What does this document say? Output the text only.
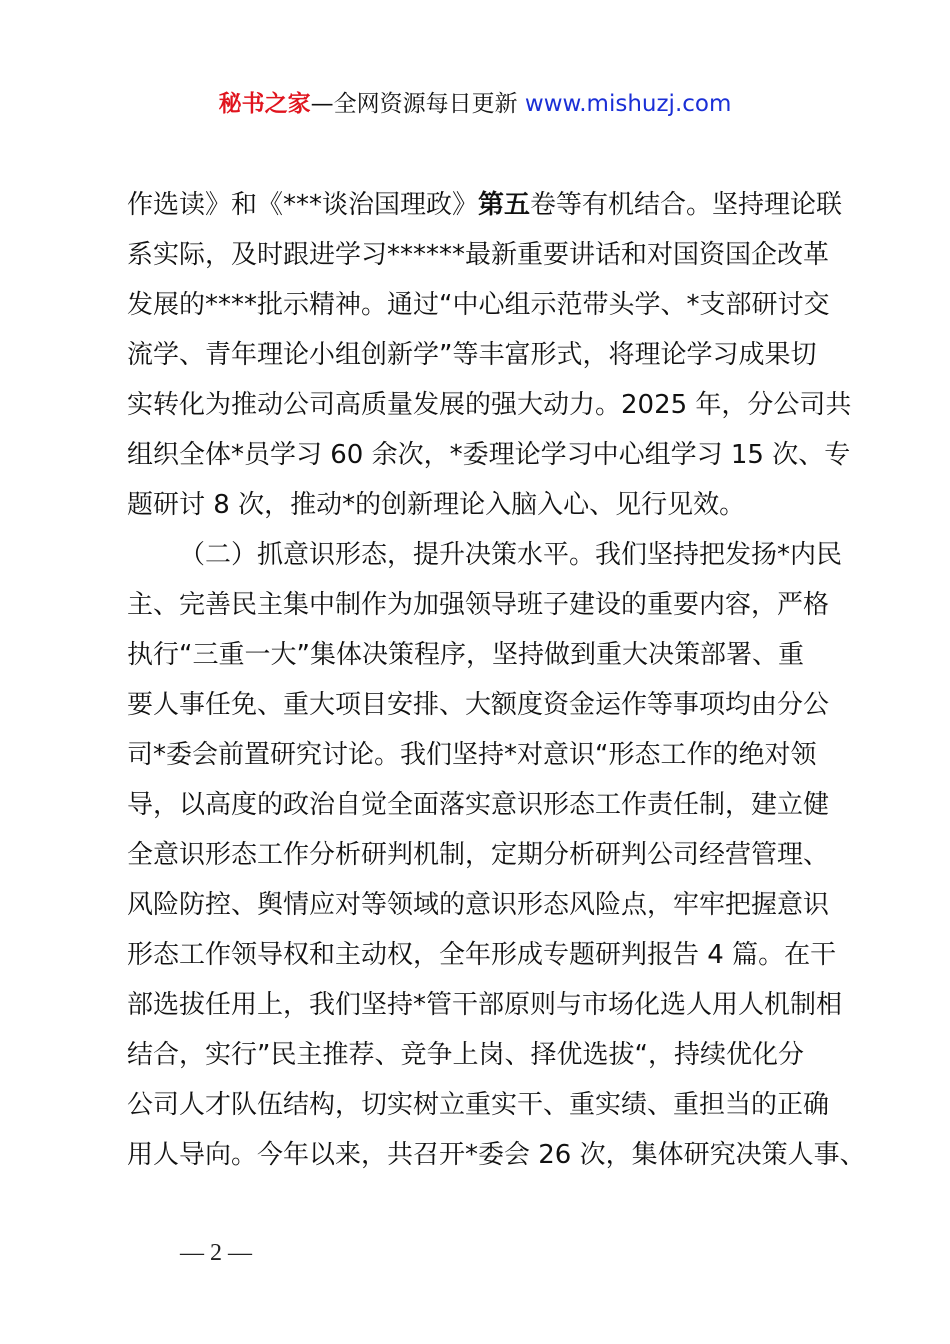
秘书之家—全网资源每日更新 www.mishuzj.com
作选读》和《***谈治国理政》第五卷等有机结合。坚持理论联
系实际，及时跟进学习******最新重要讲话和对国资国企改革
发展的****批示精神。通过“中心组示范带头学、*支部研讨交
流学、青年理论小组创新学”等丰富形式，将理论学习成果切
实转化为推动公司高质量发展的强大动力。2025 年，分公司共
组织全体*员学习 60 余次，*委理论学习中心组学习 15 次、专
题研讨 8 次，推动*的创新理论入脑入心、见行见效。
（二）抓意识形态，提升决策水平。我们坚持把发扬*内民
主、完善民主集中制作为加强领导班子建设的重要内容，严格
执行“三重一大”集体决策程序，坚持做到重大决策部署、重
要人事任免、重大项目安排、大额度资金运作等事项均由分公
司*委会前置研究讨论。我们坚持*对意识“形态工作的绝对领
导，以高度的政治自觉全面落实意识形态工作责任制，建立健
全意识形态工作分析研判机制，定期分析研判公司经营管理、
风险防控、舆情应对等领域的意识形态风险点，牢牢把握意识
形态工作领导权和主动权，全年形成专题研判报告 4 篇。在干
部选拔任用上，我们坚持*管干部原则与市场化选人用人机制相
结合，实行”民主推荐、竞争上岗、择优选拔“，持续优化分
公司人才队伍结构，切实树立重实干、重实绩、重担当的正确
用人导向。今年以来，共召开*委会 26 次，集体研究决策人事、
— 2 —
